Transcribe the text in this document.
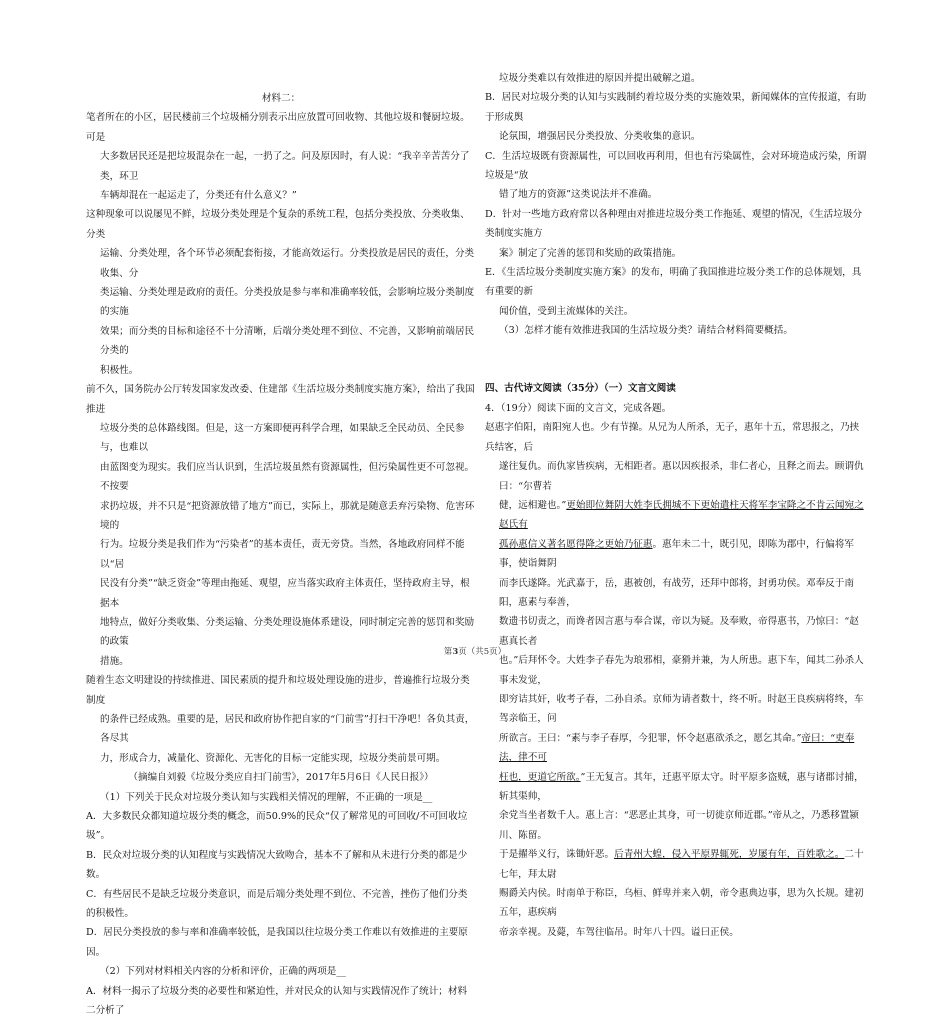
材料二：

笔者所在的小区，居民楼前三个垃圾桶分别表示出应放置可回收物、其他垃圾和餐厨垃圾。可是

大多数居民还是把垃圾混杂在一起，一扔了之。问及原因时，有人说：“我辛辛苦苦分了类，环卫

车辆却混在一起运走了，分类还有什么意义？”

这种现象可以说屡见不鲜，垃圾分类处理是个复杂的系统工程，包括分类投放、分类收集、分类

运输、分类处理，各个环节必须配套衔接，才能高效运行。分类投放是居民的责任，分类收集、分

类运输、分类处理是政府的责任。分类投放是参与率和准确率较低，会影响垃圾分类制度的实施

效果；而分类的目标和途径不十分清晰，后端分类处理不到位、不完善，又影响前端居民分类的

积极性。

前不久，国务院办公厅转发国家发改委、住建部《生活垃圾分类制度实施方案》，给出了我国推进

垃圾分类的总体路线图。但是，这一方案即便再科学合理，如果缺乏全民动员、全民参与，也难以

由蓝图变为现实。我们应当认识到，生活垃圾虽然有资源属性，但污染属性更不可忽视。不按要

求扔垃圾，并不只是“把资源放错了地方”而已，实际上，那就是随意丢弃污染物、危害环境的

行为。垃圾分类是我们作为“污染者”的基本责任，责无旁贷。当然，各地政府同样不能以“居

民没有分类”“缺乏资金”等理由拖延、观望，应当落实政府主体责任，坚持政府主导，根据本

地特点，做好分类收集、分类运输、分类处理设施体系建设，同时制定完善的惩罚和奖励的政策

措施。

随着生态文明建设的持续推进、国民素质的提升和垃圾处理设施的进步，普遍推行垃圾分类制度

的条件已经成熟。重要的是，居民和政府协作把自家的“门前雪”打扫干净吧！各负其责，各尽其

力，形成合力，减量化、资源化、无害化的目标一定能实现，垃圾分类前景可期。

（摘编自刘毅《垃圾分类应自扫门前雪》，2017年5月6日《人民日报》）

（1）下列关于民众对垃圾分类认知与实践相关情况的理解，不正确的一项是__

A．大多数民众都知道垃圾分类的概念，而50.9%的民众“仅了解常见的可回收/不可回收垃圾”。

B．民众对垃圾分类的认知程度与实践情况大致吻合，基本不了解和从未进行分类的都是少数。

C．有些居民不是缺乏垃圾分类意识，而是后端分类处理不到位、不完善，挫伤了他们分类的积极性。

D．居民分类投放的参与率和准确率较低，是我国以往垃圾分类工作难以有效推进的主要原因。

（2）下列对材料相关内容的分析和评价，正确的两项是__

A．材料一揭示了垃圾分类的必要性和紧迫性，并对民众的认知与实践情况作了统计；材料二分析了

垃圾分类难以有效推进的原因并提出破解之道。

B．居民对垃圾分类的认知与实践制约着垃圾分类的实施效果，新闻媒体的宣传报道，有助于形成舆

论氛围，增强居民分类投放、分类收集的意识。

C．生活垃圾既有资源属性，可以回收再利用，但也有污染属性，会对环境造成污染，所谓垃圾是“放

错了地方的资源”这类说法并不准确。

D．针对一些地方政府常以各种理由对推进垃圾分类工作拖延、观望的情况，《生活垃圾分类制度实施方

案》制定了完善的惩罚和奖励的政策措施。

E．《生活垃圾分类制度实施方案》的发布，明确了我国推进垃圾分类工作的总体规划，具有重要的新

闻价值，受到主流媒体的关注。

（3）怎样才能有效推进我国的生活垃圾分类？请结合材料简要概括。

四、古代诗文阅读（35分）（一）文言文阅读

4．（19分）阅读下面的文言文，完成各题。

赵惠字伯阳，南阳宛人也。少有节操。从兄为人所杀，无子，惠年十五，常思报之，乃挟兵结客，后

遂往复仇。而仇家皆疾病，无相距者。惠以因疾报杀，非仁者心，且释之而去。顾谓仇曰：“尔曹若

健，远相避也。”更始即位舞阴大姓李氏拥城不下更始遣柱天将军李宝降之不肯云闻宛之赵氏有

孤孙惠信义著名愿得降之更始乃征惠。惠年未二十，既引见，即陈为郡中，行偏将军事，使诣舞阴

而李氏遂降。光武嘉于，岳，惠被创，有战劳，还拜中郎将，封勇功侯。邓奉反于南阳，惠素与奉善，

数遗书切责之，而谗者因言惠与奉合谋，帝以为疑。及奉败，帝得惠书，乃惊曰：“赵惠真长者

也。”后拜怀令。大姓李子春先为琅邪相，豪猾并兼，为人所患。惠下车，闻其二孙杀人事未发觉，

即穷诘其奸，收考子春，二孙自杀。京师为请者数十，终不听。时赵王良疾病将终，车驾亲临王，问

所欲言。王曰：“素与李子春厚，今犯罪，怀令赵惠欲杀之，愿乞其命。”帝曰：“吏奉法，律不可

枉也，更道它所欲。”王无复言。其年，迁惠平原太守。时平原多盗贼，惠与诸郡讨捕，斩其渠帅，

余党当坐者数千人。惠上言：“恶恶止其身，可一切徙京师近郡。”帝从之，乃悉移置颍川、陈留。

于是擢举义行，诛锄奸恶。后青州大蝗，侵入平原界辄死，岁屡有年，百姓歌之。二十七年，拜太尉

赐爵关内侯。时南单于称臣，乌桓、鲜卑并来入朝，帝令惠典边事，思为久长规。建初五年，惠疾病

帝亲幸视。及薨，车驾往临吊。时年八十四。谥曰正侯。

第3页（共5页）
